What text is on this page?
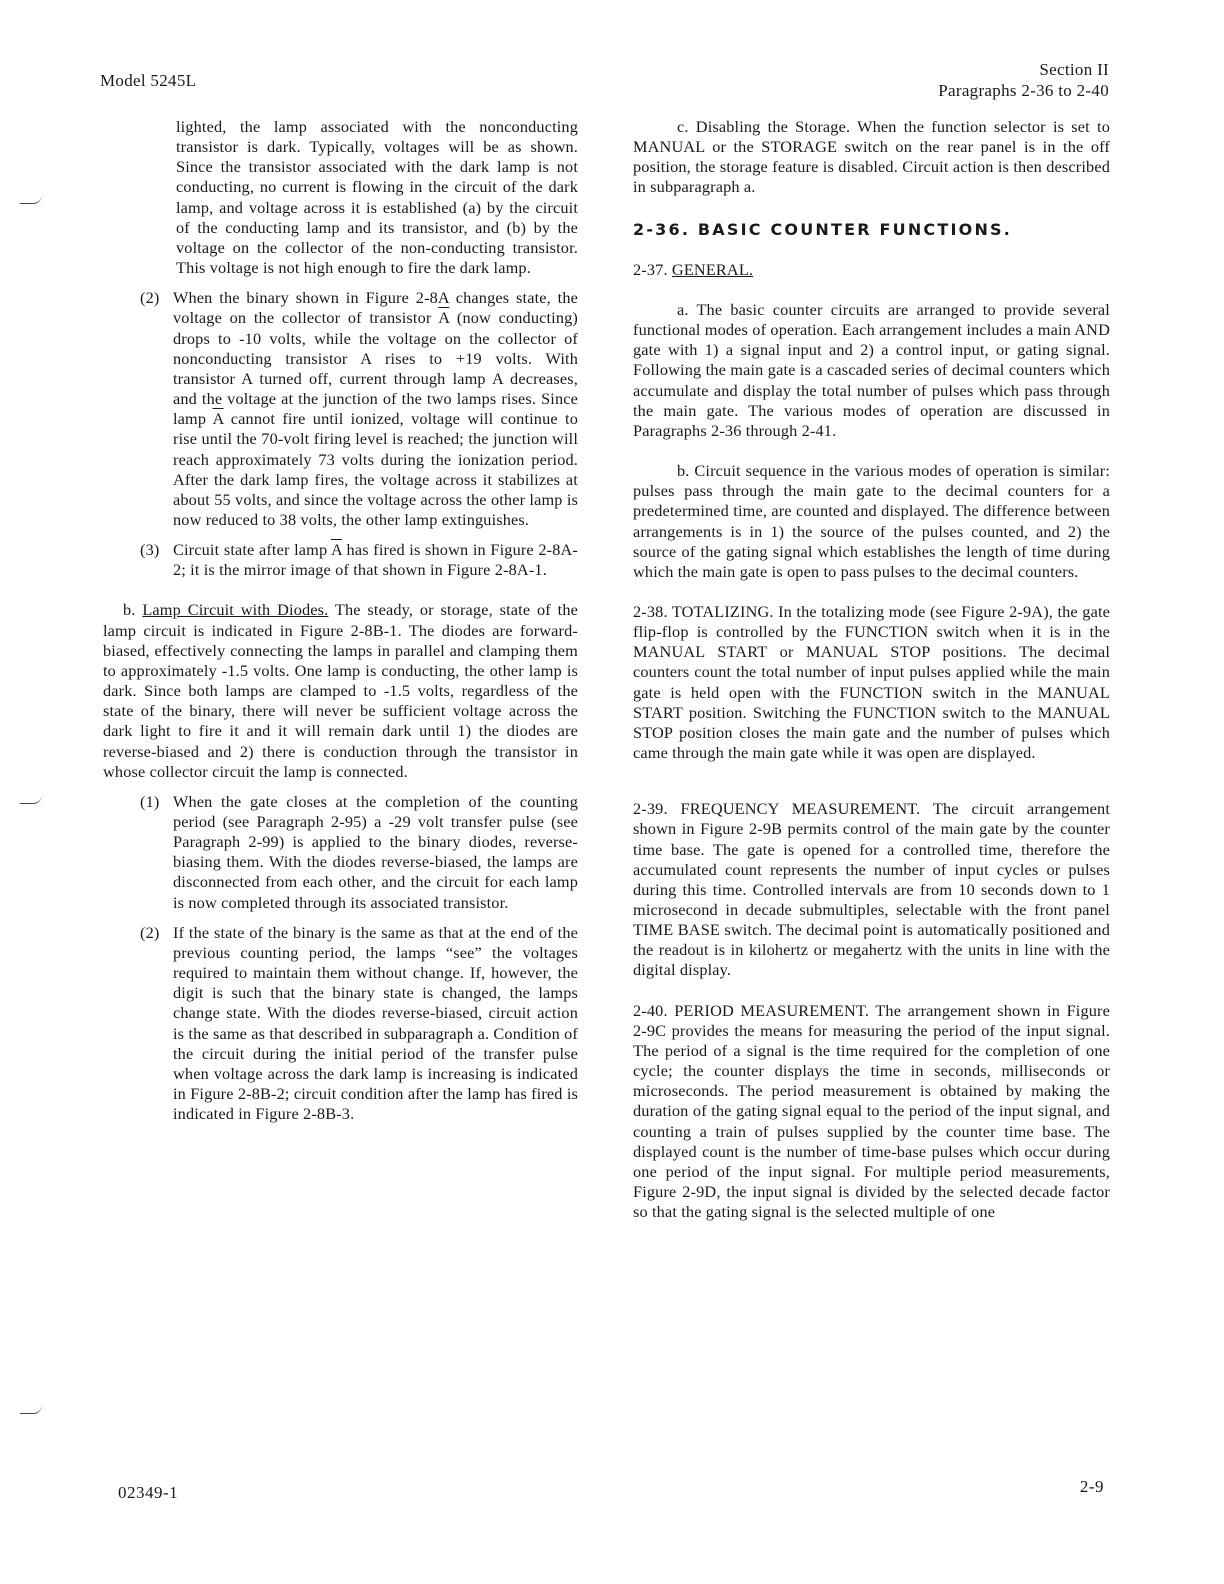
Model 5245L
Section II
Paragraphs 2-36 to 2-40

lighted, the lamp associated with the nonconducting transistor is dark. Typically, voltages will be as shown. Since the transistor associated with the dark lamp is not conducting, no current is flowing in the circuit of the dark lamp, and voltage across it is established (a) by the circuit of the conducting lamp and its transistor, and (b) by the voltage on the collector of the non-conducting transistor. This voltage is not high enough to fire the dark lamp.

(2) When the binary shown in Figure 2-8A changes state, the voltage on the collector of transistor $\overline{A}$ (now conducting) drops to -10 volts, while the voltage on the collector of nonconducting transistor A rises to +19 volts. With transistor A turned off, current through lamp A decreases, and the voltage at the junction of the two lamps rises. Since lamp $\overline{A}$ cannot fire until ionized, voltage will continue to rise until the 70-volt firing level is reached; the junction will reach approximately 73 volts during the ionization period. After the dark lamp fires, the voltage across it stabilizes at about 55 volts, and since the voltage across the other lamp is now reduced to 38 volts, the other lamp extinguishes.

(3) Circuit state after lamp $\overline{A}$ has fired is shown in Figure 2-8A-2; it is the mirror image of that shown in Figure 2-8A-1.

b. Lamp Circuit with Diodes. The steady, or storage, state of the lamp circuit is indicated in Figure 2-8B-1. The diodes are forward-biased, effectively connecting the lamps in parallel and clamping them to approximately -1.5 volts. One lamp is conducting, the other lamp is dark. Since both lamps are clamped to -1.5 volts, regardless of the state of the binary, there will never be sufficient voltage across the dark light to fire it and it will remain dark until 1) the diodes are reverse-biased and 2) there is conduction through the transistor in whose collector circuit the lamp is connected.

(1) When the gate closes at the completion of the counting period (see Paragraph 2-95) a -29 volt transfer pulse (see Paragraph 2-99) is applied to the binary diodes, reverse-biasing them. With the diodes reverse-biased, the lamps are disconnected from each other, and the circuit for each lamp is now completed through its associated transistor.

(2) If the state of the binary is the same as that at the end of the previous counting period, the lamps “see” the voltages required to maintain them without change. If, however, the digit is such that the binary state is changed, the lamps change state. With the diodes reverse-biased, circuit action is the same as that described in subparagraph a. Condition of the circuit during the initial period of the transfer pulse when voltage across the dark lamp is increasing is indicated in Figure 2-8B-2; circuit condition after the lamp has fired is indicated in Figure 2-8B-3.

c. Disabling the Storage. When the function selector is set to MANUAL or the STORAGE switch on the rear panel is in the off position, the storage feature is disabled. Circuit action is then described in subparagraph a.

2-36. BASIC COUNTER FUNCTIONS.

2-37. GENERAL.

a. The basic counter circuits are arranged to provide several functional modes of operation. Each arrangement includes a main AND gate with 1) a signal input and 2) a control input, or gating signal. Following the main gate is a cascaded series of decimal counters which accumulate and display the total number of pulses which pass through the main gate. The various modes of operation are discussed in Paragraphs 2-36 through 2-41.

b. Circuit sequence in the various modes of operation is similar: pulses pass through the main gate to the decimal counters for a predetermined time, are counted and displayed. The difference between arrangements is in 1) the source of the pulses counted, and 2) the source of the gating signal which establishes the length of time during which the main gate is open to pass pulses to the decimal counters.

2-38. TOTALIZING. In the totalizing mode (see Figure 2-9A), the gate flip-flop is controlled by the FUNCTION switch when it is in the MANUAL START or MANUAL STOP positions. The decimal counters count the total number of input pulses applied while the main gate is held open with the FUNCTION switch in the MANUAL START position. Switching the FUNCTION switch to the MANUAL STOP position closes the main gate and the number of pulses which came through the main gate while it was open are displayed.

2-39. FREQUENCY MEASUREMENT. The circuit arrangement shown in Figure 2-9B permits control of the main gate by the counter time base. The gate is opened for a controlled time, therefore the accumulated count represents the number of input cycles or pulses during this time. Controlled intervals are from 10 seconds down to 1 microsecond in decade submultiples, selectable with the front panel TIME BASE switch. The decimal point is automatically positioned and the readout is in kilohertz or megahertz with the units in line with the digital display.

2-40. PERIOD MEASUREMENT. The arrangement shown in Figure 2-9C provides the means for measuring the period of the input signal. The period of a signal is the time required for the completion of one cycle; the counter displays the time in seconds, milliseconds or microseconds. The period measurement is obtained by making the duration of the gating signal equal to the period of the input signal, and counting a train of pulses supplied by the counter time base. The displayed count is the number of time-base pulses which occur during one period of the input signal. For multiple period measurements, Figure 2-9D, the input signal is divided by the selected decade factor so that the gating signal is the selected multiple of one

02349-1	2-9
